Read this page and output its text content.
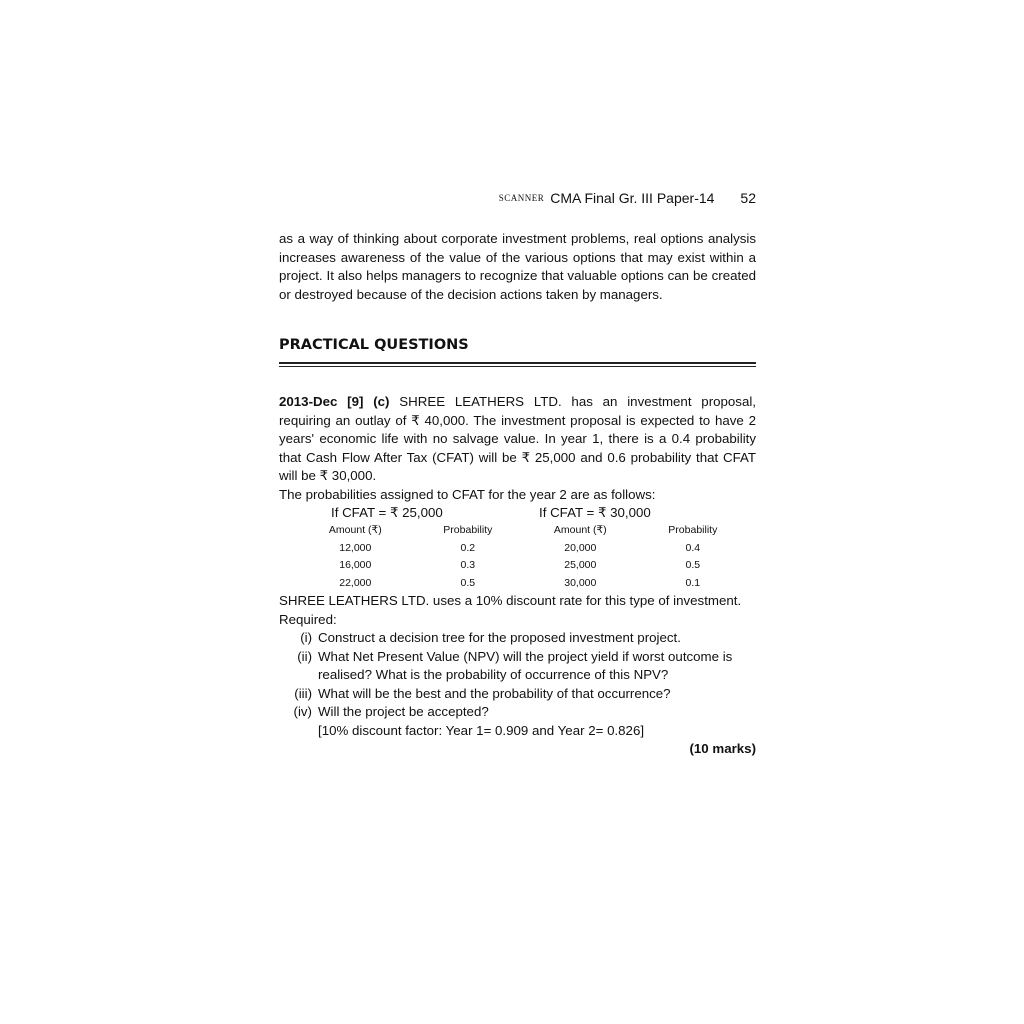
SCANNER CMA Final Gr. III Paper-14 52

as a way of thinking about corporate investment problems, real options analysis increases awareness of the value of the various options that may exist within a project. It also helps managers to recognize that valuable options can be created or destroyed because of the decision actions taken by managers.

PRACTICAL QUESTIONS

2013-Dec [9] (c) SHREE LEATHERS LTD. has an investment proposal, requiring an outlay of ₹ 40,000. The investment proposal is expected to have 2 years' economic life with no salvage value. In year 1, there is a 0.4 probability that Cash Flow After Tax (CFAT) will be ₹ 25,000 and 0.6 probability that CFAT will be ₹ 30,000.

The probabilities assigned to CFAT for the year 2 are as follows:

If CFAT = ₹ 25,000	If CFAT = ₹ 30,000
Amount (₹)	Probability	Amount (₹)	Probability
12,000	0.2	20,000	0.4
16,000	0.3	25,000	0.5
22,000	0.5	30,000	0.1

SHREE LEATHERS LTD. uses a 10% discount rate for this type of investment.

Required:

(i) Construct a decision tree for the proposed investment project.
(ii) What Net Present Value (NPV) will the project yield if worst outcome is realised? What is the probability of occurrence of this NPV?
(iii) What will be the best and the probability of that occurrence?
(iv) Will the project be accepted?

[10% discount factor: Year 1= 0.909 and Year 2= 0.826]

(10 marks)
